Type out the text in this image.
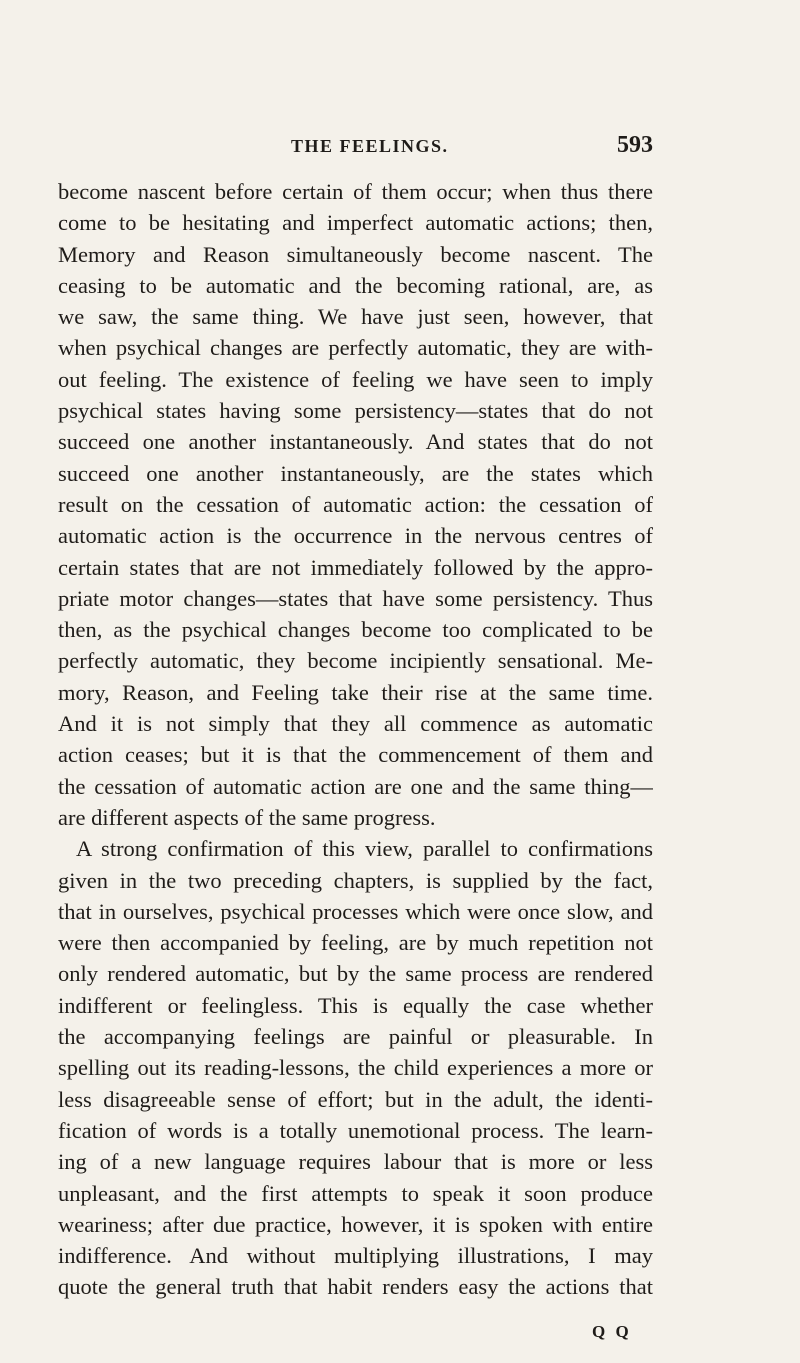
THE FEELINGS.	593
become nascent before certain of them occur; when thus there
come to be hesitating and imperfect automatic actions; then,
Memory and Reason simultaneously become nascent. The
ceasing to be automatic and the becoming rational, are, as
we saw, the same thing. We have just seen, however, that
when psychical changes are perfectly automatic, they are with-
out feeling. The existence of feeling we have seen to imply
psychical states having some persistency—states that do not
succeed one another instantaneously. And states that do not
succeed one another instantaneously, are the states which
result on the cessation of automatic action: the cessation of
automatic action is the occurrence in the nervous centres of
certain states that are not immediately followed by the appro-
priate motor changes—states that have some persistency. Thus
then, as the psychical changes become too complicated to be
perfectly automatic, they become incipiently sensational. Me-
mory, Reason, and Feeling take their rise at the same time.
And it is not simply that they all commence as automatic
action ceases; but it is that the commencement of them and
the cessation of automatic action are one and the same thing—
are different aspects of the same progress.
A strong confirmation of this view, parallel to confirmations
given in the two preceding chapters, is supplied by the fact,
that in ourselves, psychical processes which were once slow, and
were then accompanied by feeling, are by much repetition not
only rendered automatic, but by the same process are rendered
indifferent or feelingless. This is equally the case whether
the accompanying feelings are painful or pleasurable. In
spelling out its reading-lessons, the child experiences a more or
less disagreeable sense of effort; but in the adult, the identi-
fication of words is a totally unemotional process. The learn-
ing of a new language requires labour that is more or less
unpleasant, and the first attempts to speak it soon produce
weariness; after due practice, however, it is spoken with entire
indifference. And without multiplying illustrations, I may
quote the general truth that habit renders easy the actions that
Q Q
